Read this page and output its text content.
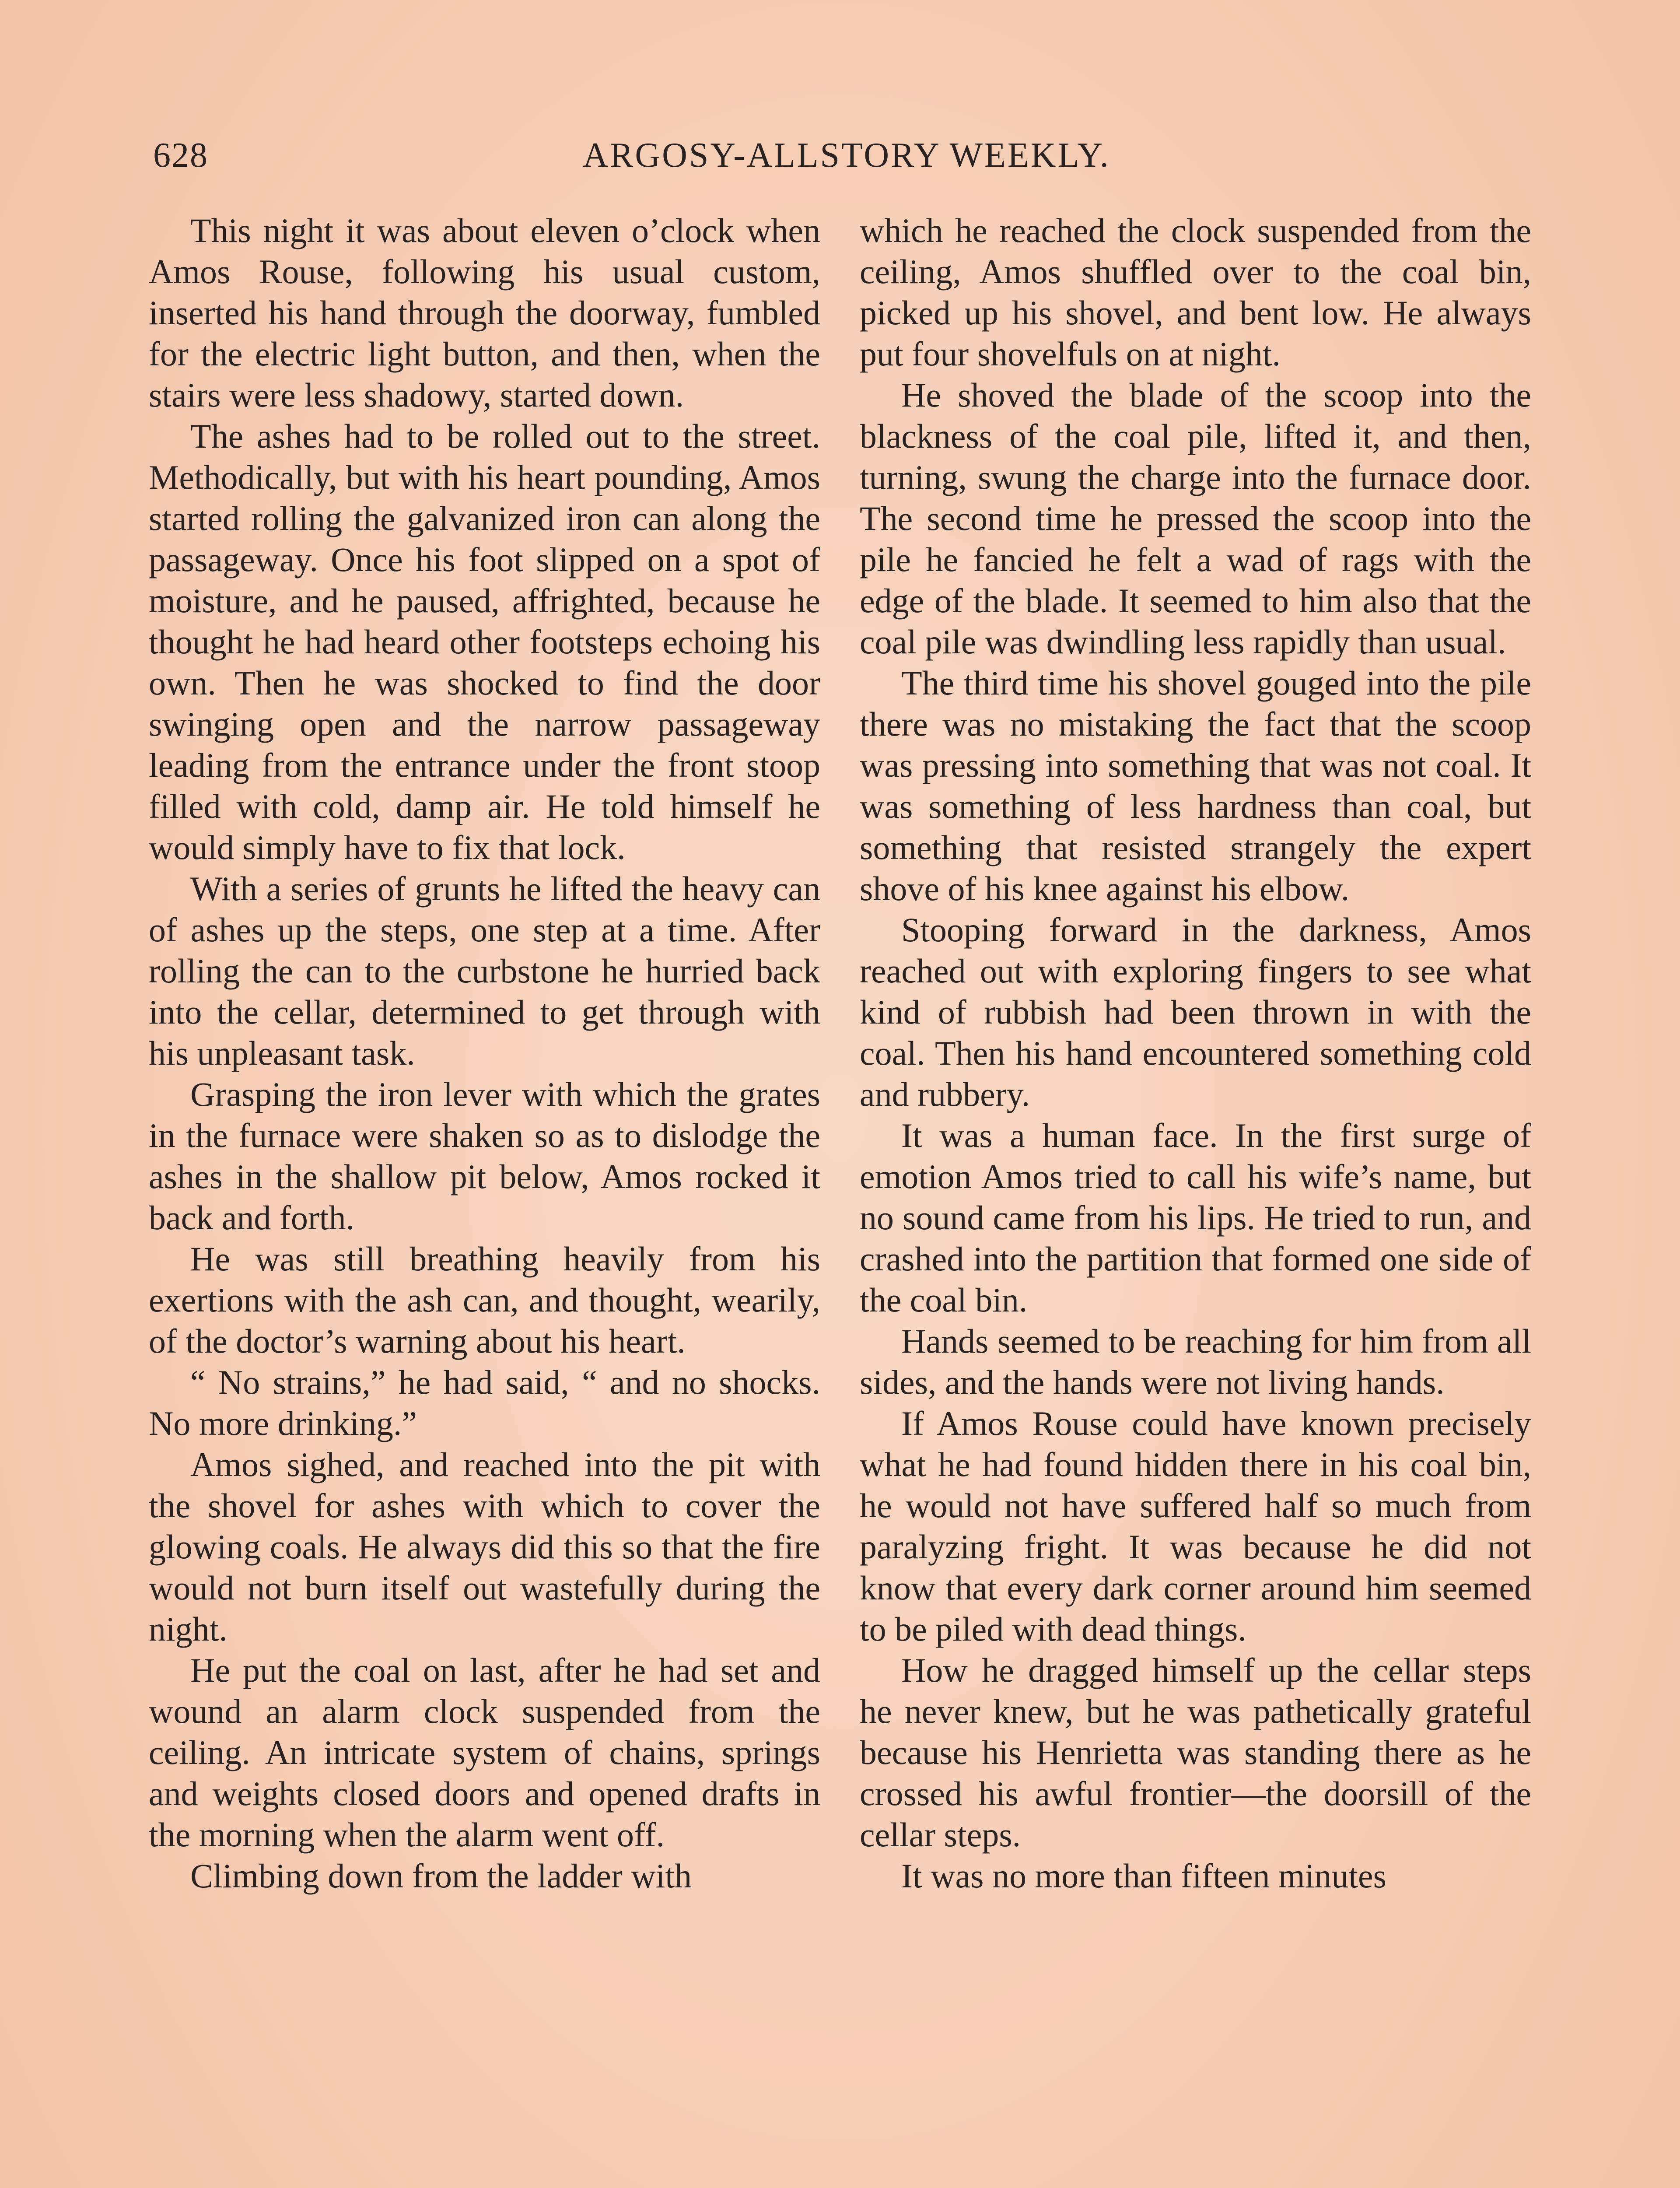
628	ARGOSY-ALLSTORY WEEKLY.

This night it was about eleven o’clock when Amos Rouse, following his usual custom, inserted his hand through the doorway, fumbled for the electric light button, and then, when the stairs were less shadowy, started down.

The ashes had to be rolled out to the street. Methodically, but with his heart pounding, Amos started rolling the galvanized iron can along the passageway. Once his foot slipped on a spot of moisture, and he paused, affrighted, because he thought he had heard other footsteps echoing his own. Then he was shocked to find the door swinging open and the narrow passageway leading from the entrance under the front stoop filled with cold, damp air. He told himself he would simply have to fix that lock.

With a series of grunts he lifted the heavy can of ashes up the steps, one step at a time. After rolling the can to the curbstone he hurried back into the cellar, determined to get through with his unpleasant task.

Grasping the iron lever with which the grates in the furnace were shaken so as to dislodge the ashes in the shallow pit below, Amos rocked it back and forth.

He was still breathing heavily from his exertions with the ash can, and thought, wearily, of the doctor’s warning about his heart.

“ No strains,” he had said, “ and no shocks. No more drinking.”

Amos sighed, and reached into the pit with the shovel for ashes with which to cover the glowing coals. He always did this so that the fire would not burn itself out wastefully during the night.

He put the coal on last, after he had set and wound an alarm clock suspended from the ceiling. An intricate system of chains, springs and weights closed doors and opened drafts in the morning when the alarm went off.

Climbing down from the ladder with

which he reached the clock suspended from the ceiling, Amos shuffled over to the coal bin, picked up his shovel, and bent low. He always put four shovelfuls on at night.

He shoved the blade of the scoop into the blackness of the coal pile, lifted it, and then, turning, swung the charge into the furnace door. The second time he pressed the scoop into the pile he fancied he felt a wad of rags with the edge of the blade. It seemed to him also that the coal pile was dwindling less rapidly than usual.

The third time his shovel gouged into the pile there was no mistaking the fact that the scoop was pressing into something that was not coal. It was something of less hardness than coal, but something that resisted strangely the expert shove of his knee against his elbow.

Stooping forward in the darkness, Amos reached out with exploring fingers to see what kind of rubbish had been thrown in with the coal. Then his hand encountered something cold and rubbery.

It was a human face. In the first surge of emotion Amos tried to call his wife’s name, but no sound came from his lips. He tried to run, and crashed into the partition that formed one side of the coal bin.

Hands seemed to be reaching for him from all sides, and the hands were not living hands.

If Amos Rouse could have known precisely what he had found hidden there in his coal bin, he would not have suffered half so much from paralyzing fright. It was because he did not know that every dark corner around him seemed to be piled with dead things.

How he dragged himself up the cellar steps he never knew, but he was pathetically grateful because his Henrietta was standing there as he crossed his awful frontier—the doorsill of the cellar steps.

It was no more than fifteen minutes
